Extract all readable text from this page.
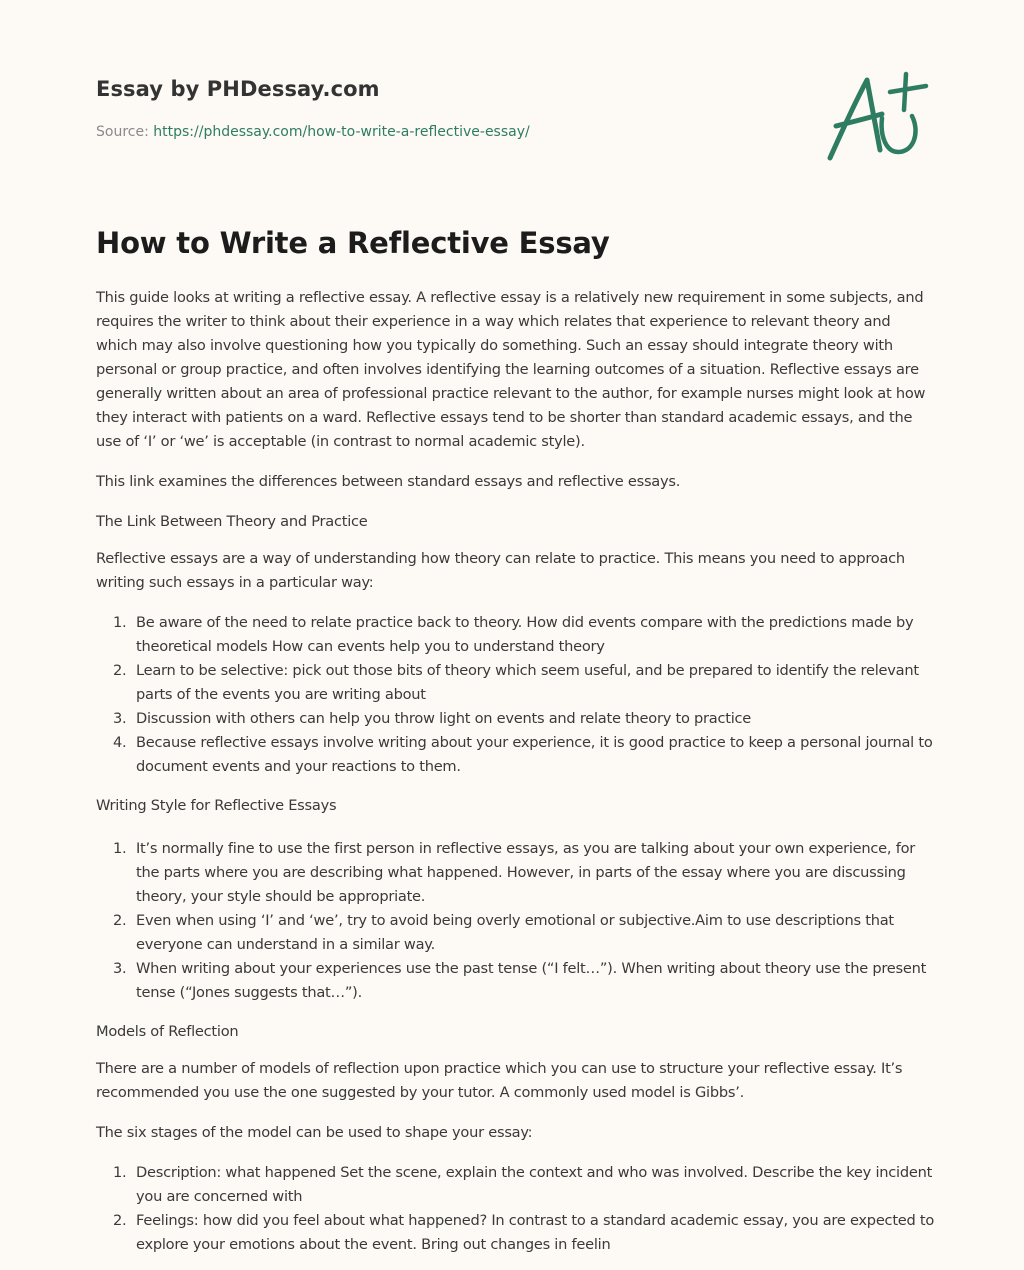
Essay by PHDessay.com
Source: https://phdessay.com/how-to-write-a-reflective-essay/
How to Write a Reflective Essay

This guide looks at writing a reflective essay. A reflective essay is a relatively new requirement in some subjects, and requires the writer to think about their experience in a way which relates that experience to relevant theory and which may also involve questioning how you typically do something. Such an essay should integrate theory with personal or group practice, and often involves identifying the learning outcomes of a situation. Reflective essays are generally written about an area of professional practice relevant to the author, for example nurses might look at how they interact with patients on a ward. Reflective essays tend to be shorter than standard academic essays, and the use of ‘I’ or ‘we’ is acceptable (in contrast to normal academic style).

This link examines the differences between standard essays and reflective essays.

The Link Between Theory and Practice

Reflective essays are a way of understanding how theory can relate to practice. This means you need to approach writing such essays in a particular way:

1. Be aware of the need to relate practice back to theory. How did events compare with the predictions made by theoretical models How can events help you to understand theory
2. Learn to be selective: pick out those bits of theory which seem useful, and be prepared to identify the relevant parts of the events you are writing about
3. Discussion with others can help you throw light on events and relate theory to practice
4. Because reflective essays involve writing about your experience, it is good practice to keep a personal journal to document events and your reactions to them.

Writing Style for Reflective Essays

1. It’s normally fine to use the first person in reflective essays, as you are talking about your own experience, for the parts where you are describing what happened. However, in parts of the essay where you are discussing theory, your style should be appropriate.
2. Even when using ‘I’ and ‘we’, try to avoid being overly emotional or subjective.Aim to use descriptions that everyone can understand in a similar way.
3. When writing about your experiences use the past tense (“I felt…”). When writing about theory use the present tense (“Jones suggests that…”).

Models of Reflection

There are a number of models of reflection upon practice which you can use to structure your reflective essay. It’s recommended you use the one suggested by your tutor. A commonly used model is Gibbs’.

The six stages of the model can be used to shape your essay:

1. Description: what happened Set the scene, explain the context and who was involved. Describe the key incident you are concerned with
2. Feelings: how did you feel about what happened? In contrast to a standard academic essay, you are expected to explore your emotions about the event. Bring out changes in feelin
